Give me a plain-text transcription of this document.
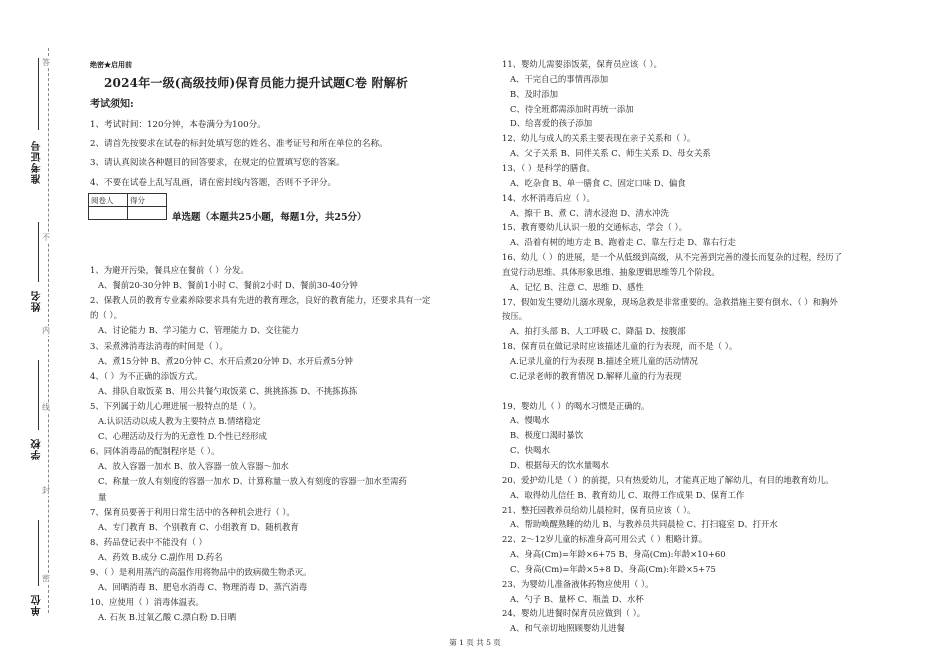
答
不
内
线
封
密
准考证号
姓名
学校
单位
绝密★启用前
2024年一级(高级技师)保育员能力提升试题C卷 附解析
考试须知:
1、考试时间：120分钟，本卷满分为100分。
2、请首先按要求在试卷的标封处填写您的姓名、准考证号和所在单位的名称。
3、请认真阅读各种题目的回答要求，在规定的位置填写您的答案。
4、不要在试卷上乱写乱画，请在密封线内答题，否则不予评分。
阅卷人	得分

单选题（本题共25小题，每题1分，共25分）
1、为避开污染，餐具应在餐前（ ）分发。
A、餐前20-30分钟 B、餐前1小时 C、餐前2小时 D、餐前30-40分钟
2、保教人员的教育专业素养除要求具有先进的教育理念，良好的教育能力，还要求具有一定
的（ ）。
A、讨论能力 B、学习能力 C、管理能力 D、交往能力
3、采煮沸消毒法消毒的时间是（ ）。
A、煮15分钟 B、煮20分钟 C、水开后煮20分钟 D、水开后煮5分钟
4、（ ）为不正确的添饭方式。
A、排队自取饭菜 B、用公共餐勺取饭菜 C、挑挑拣拣 D、不挑拣拣拣
5、下列属于幼儿心理进展一般特点的是（ ）。
A.认识活动以成人教为主要特点 B.情绪稳定
C、心理活动及行为的无意性 D.个性已经形成
6、同体消毒品的配制程序是（ ）。
A、放入容器一加水 B、放入容器一放入容器～加水
C、称量一放人有刻度的容器一加水 D、计算称量一放入有刻度的容器一加水至需药
量
7、保育员要善于利用日常生活中的各种机会进行（ ）。
A、专门教育 B、个别教育 C、小组教育 D、随机教育
8、药品登记表中不能没有（ ）
A、药效 B.成分 C.副作用 D.药名
9、（ ）是利用蒸汽的高温作用将物品中的致病微生物杀灭。
A、回晒消毒 B、肥皂水消毒 C、物理消毒 D、蒸汽消毒
10、应使用（ ）消毒体温表。
A. 石灰 B.过氧乙酸 C.漂白粉 D.日晒
11、婴幼儿需要添饭菜，保育员应该（ ）。
A、干完自己的事情再添加
B、及时添加
C、待全班都需添加时再统一添加
D、给喜爱的孩子添加
12、幼儿与成人的关系主要表现在亲子关系和（ ）。
A、父子关系 B、同伴关系 C、师生关系 D、母女关系
13、（ ）是科学的膳食。
A、吃杂食 B、单一膳食 C、固定口味 D、偏食
14、水杯消毒后应（ ）。
A、擦干 B、煮 C、清水浸泡 D、清水冲洗
15、教育婴幼儿认识一般的交通标志，学会（ ）。
A、沿着有树的地方走 B、跑着走 C、靠左行走 D、靠右行走
16、幼儿（ ）的进展，是一个从低级到高级，从不完善到完善的漫长而复杂的过程，经历了
直觉行动思维、具体形象思维、抽象逻辑思维等几个阶段。
A、记忆 B、注意 C、思维 D、感性
17、假如发生婴幼儿溺水现象，现场急救是非常重要的。急救措施主要有倒水、（ ）和胸外
按压。
A、拍打头部 B、人工呼吸 C、降温 D、按腹部
18、保育员在做记录时应该描述儿童的行为表现，而不是（ ）。
A.记录儿童的行为表现 B.描述全班儿童的活动情况
C.记录老师的教育情况 D.解释儿童的行为表现
19、婴幼儿（ ）的喝水习惯是正确的。
A、慢喝水
B、极度口渴时暴饮
C、快喝水
D、根据每天的饮水量喝水
20、爱护幼儿是（ ）的前提，只有热爱幼儿，才能真正地了解幼儿，有目的地教育幼儿。
A、取得幼儿信任 B、教育幼儿 C、取得工作成果 D、保育工作
21、整托园教养员给幼儿晨检时，保育员应该（ ）。
A、帮助唤醒熟睡的幼儿 B、与教养员共同晨检 C、打扫寝室 D、打开水
22、2～12岁儿童的标准身高可用公式（ ）粗略计算。
A、身高(Cm)=年龄×6+75 B、身高(Cm):年龄×10+60
C、身高(Cm)=年龄×5+8 D、身高(Cm):年龄×5+75
23、为婴幼儿准备液体药物应使用（ ）。
A、勺子 B、量杯 C、瓶盖 D、水杯
24、婴幼儿进餐时保育员应做到（ ）。
A、和气亲切地照顾婴幼儿进餐
第 1 页 共 5 页
